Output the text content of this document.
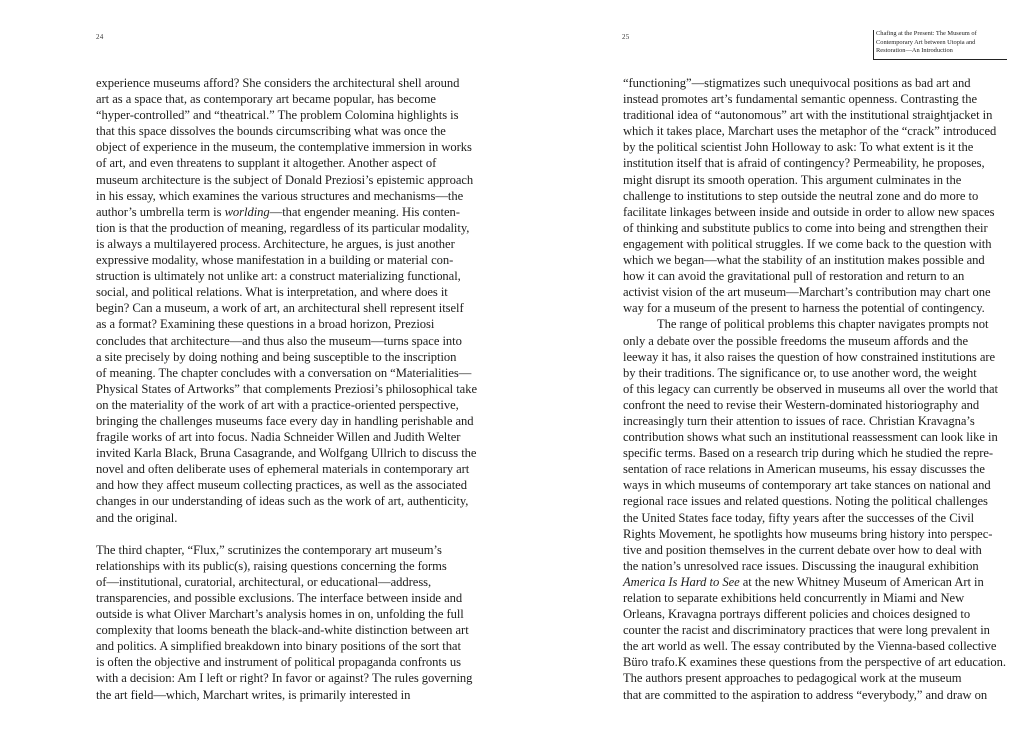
24
experience museums afford? She considers the architectural shell around
art as a space that, as contemporary art became popular, has become
“hyper-controlled” and “theatrical.” The problem Colomina highlights is
that this space dissolves the bounds circumscribing what was once the
object of experience in the museum, the contemplative immersion in works
of art, and even threatens to supplant it altogether. Another aspect of
museum architecture is the subject of Donald Preziosi’s epistemic approach
in his essay, which examines the various structures and mechanisms—the
author’s umbrella term is worlding—that engender meaning. His conten-
tion is that the production of meaning, regardless of its particular modality,
is always a multilayered process. Architecture, he argues, is just another
expressive modality, whose manifestation in a building or material con-
struction is ultimately not unlike art: a construct materializing functional,
social, and political relations. What is interpretation, and where does it
begin? Can a museum, a work of art, an architectural shell represent itself
as a format? Examining these questions in a broad horizon, Preziosi
concludes that architecture—and thus also the museum—turns space into
a site precisely by doing nothing and being susceptible to the inscription
of meaning. The chapter concludes with a conversation on “Materialities—
Physical States of Artworks” that complements Preziosi’s philosophical take
on the materiality of the work of art with a practice-oriented perspective,
bringing the challenges museums face every day in handling perishable and
fragile works of art into focus. Nadia Schneider Willen and Judith Welter
invited Karla Black, Bruna Casagrande, and Wolfgang Ullrich to discuss the
novel and often deliberate uses of ephemeral materials in contemporary art
and how they affect museum collecting practices, as well as the associated
changes in our understanding of ideas such as the work of art, authenticity,
and the original.
The third chapter, “Flux,” scrutinizes the contemporary art museum’s
relationships with its public(s), raising questions concerning the forms
of—institutional, curatorial, architectural, or educational—address,
transparencies, and possible exclusions. The interface between inside and
outside is what Oliver Marchart’s analysis homes in on, unfolding the full
complexity that looms beneath the black-and-white distinction between art
and politics. A simplified breakdown into binary positions of the sort that
is often the objective and instrument of political propaganda confronts us
with a decision: Am I left or right? In favor or against? The rules governing
the art field—which, Marchart writes, is primarily interested in
25	Chafing at the Present: The Museum of
Contemporary Art between Utopia and
Restoration—An Introduction
“functioning”—stigmatizes such unequivocal positions as bad art and
instead promotes art’s fundamental semantic openness. Contrasting the
traditional idea of “autonomous” art with the institutional straightjacket in
which it takes place, Marchart uses the metaphor of the “crack” introduced
by the political scientist John Holloway to ask: To what extent is it the
institution itself that is afraid of contingency? Permeability, he proposes,
might disrupt its smooth operation. This argument culminates in the
challenge to institutions to step outside the neutral zone and do more to
facilitate linkages between inside and outside in order to allow new spaces
of thinking and substitute publics to come into being and strengthen their
engagement with political struggles. If we come back to the question with
which we began—what the stability of an institution makes possible and
how it can avoid the gravitational pull of restoration and return to an
activist vision of the art museum—Marchart’s contribution may chart one
way for a museum of the present to harness the potential of contingency.
The range of political problems this chapter navigates prompts not
only a debate over the possible freedoms the museum affords and the
leeway it has, it also raises the question of how constrained institutions are
by their traditions. The significance or, to use another word, the weight
of this legacy can currently be observed in museums all over the world that
confront the need to revise their Western-dominated historiography and
increasingly turn their attention to issues of race. Christian Kravagna’s
contribution shows what such an institutional reassessment can look like in
specific terms. Based on a research trip during which he studied the repre-
sentation of race relations in American museums, his essay discusses the
ways in which museums of contemporary art take stances on national and
regional race issues and related questions. Noting the political challenges
the United States face today, fifty years after the successes of the Civil
Rights Movement, he spotlights how museums bring history into perspec-
tive and position themselves in the current debate over how to deal with
the nation’s unresolved race issues. Discussing the inaugural exhibition
America Is Hard to See at the new Whitney Museum of American Art in
relation to separate exhibitions held concurrently in Miami and New
Orleans, Kravagna portrays different policies and choices designed to
counter the racist and discriminatory practices that were long prevalent in
the art world as well. The essay contributed by the Vienna-based collective
Büro trafo.K examines these questions from the perspective of art education.
The authors present approaches to pedagogical work at the museum
that are committed to the aspiration to address “everybody,” and draw on
